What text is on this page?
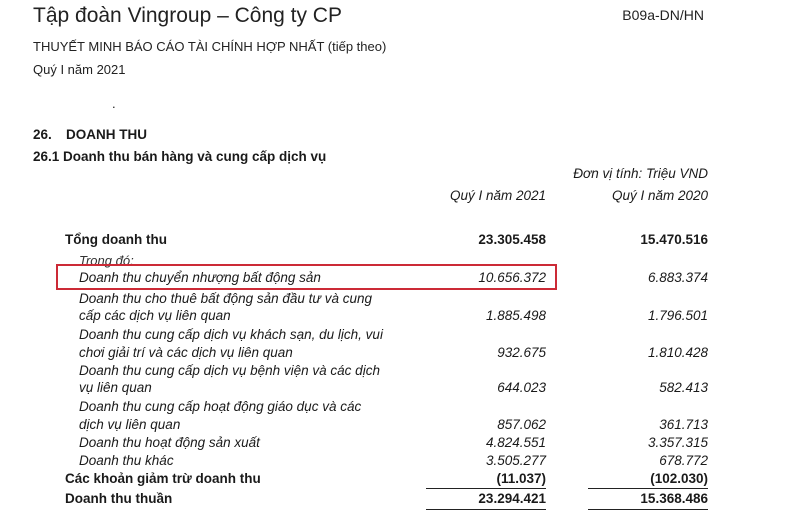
Tập đoàn Vingroup – Công ty CP	B09a-DN/HN
THUYẾT MINH BÁO CÁO TÀI CHÍNH HỢP NHẤT (tiếp theo)
Quý I năm 2021
.
26. DOANH THU
26.1 Doanh thu bán hàng và cung cấp dịch vụ
Đơn vị tính: Triệu VND
Quý I năm 2021	Quý I năm 2020
Tổng doanh thu	23.305.458	15.470.516
Trong đó:
Doanh thu chuyển nhượng bất động sản	10.656.372	6.883.374
Doanh thu cho thuê bất động sản đầu tư và cung
cấp các dịch vụ liên quan	1.885.498	1.796.501
Doanh thu cung cấp dịch vụ khách sạn, du lịch, vui
chơi giải trí và các dịch vụ liên quan	932.675	1.810.428
Doanh thu cung cấp dịch vụ bệnh viện và các dịch
vụ liên quan	644.023	582.413
Doanh thu cung cấp hoạt động giáo dục và các
dịch vụ liên quan	857.062	361.713
Doanh thu hoạt động sản xuất	4.824.551	3.357.315
Doanh thu khác	3.505.277	678.772
Các khoản giảm trừ doanh thu	(11.037)	(102.030)
Doanh thu thuần	23.294.421	15.368.486
